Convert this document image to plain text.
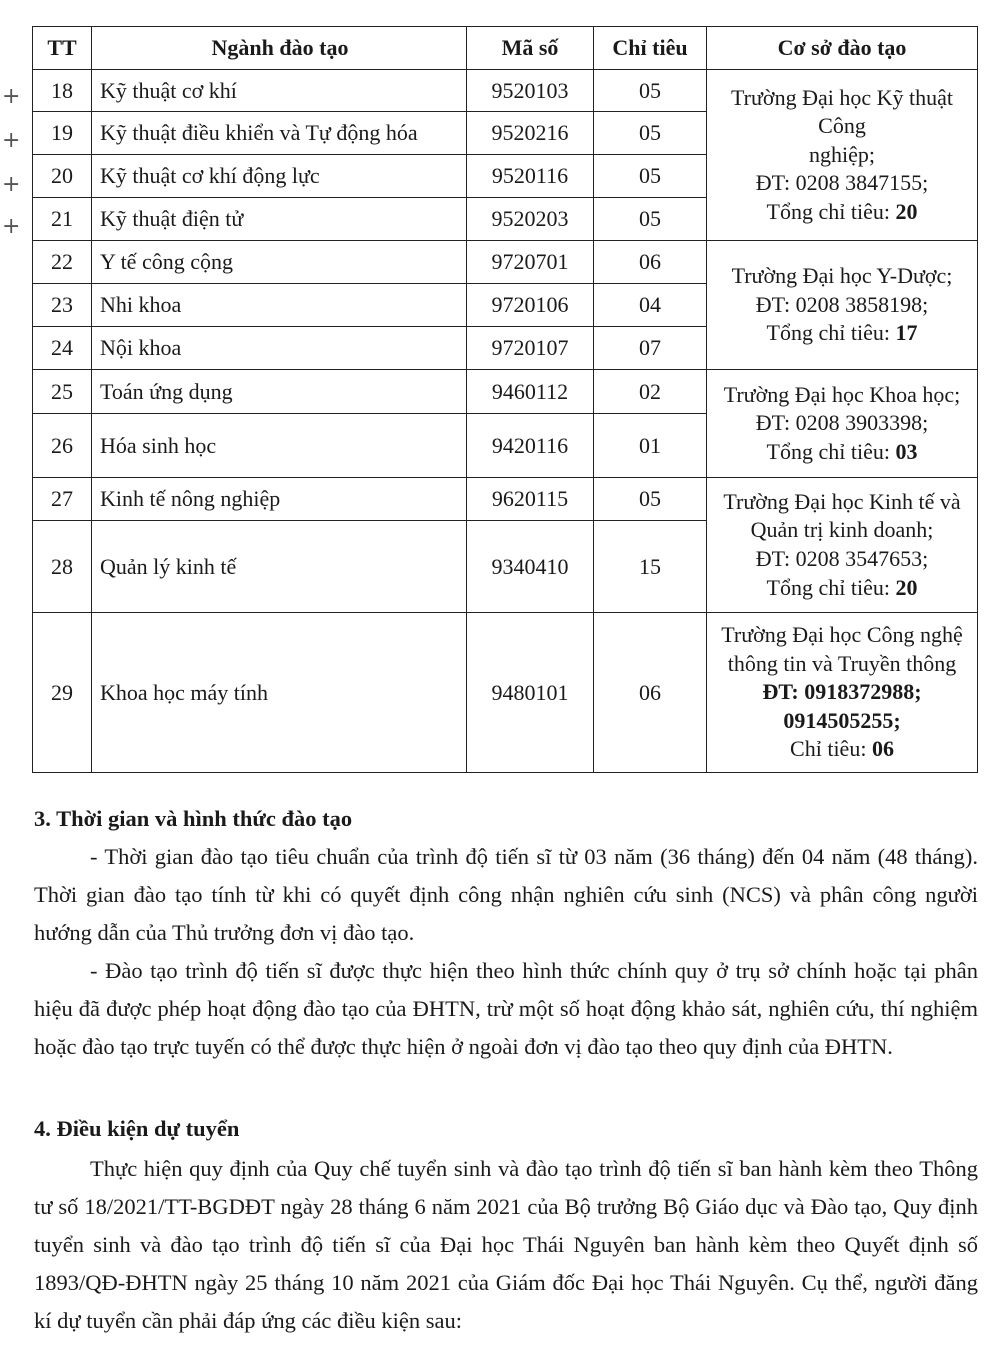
+
+
+
+
TT	Ngành đào tạo	Mã số	Chỉ tiêu	Cơ sở đào tạo
18	Kỹ thuật cơ khí	9520103	05	Trường Đại học Kỹ thuật Công
nghiệp;
ĐT: 0208 3847155;
Tổng chỉ tiêu: 20

19	Kỹ thuật điều khiển và Tự động hóa	9520216	05	
20	Kỹ thuật cơ khí động lực	9520116	05	
21	Kỹ thuật điện tử	9520203	05	
22	Y tế công cộng	9720701	06	Trường Đại học Y-Dược;
ĐT: 0208 3858198;
Tổng chỉ tiêu: 17

23	Nhi khoa	9720106	04	
24	Nội khoa	9720107	07	
25	Toán ứng dụng	9460112	02	Trường Đại học Khoa học;
ĐT: 0208 3903398;
Tổng chỉ tiêu: 03

26	Hóa sinh học	9420116	01	
27	Kinh tế nông nghiệp	9620115	05	Trường Đại học Kinh tế và
Quản trị kinh doanh;
ĐT: 0208 3547653;
Tổng chỉ tiêu: 20

28	Quản lý kinh tế	9340410	15	
29	Khoa học máy tính	9480101	06	Trường Đại học Công nghệ
thông tin và Truyền thông
ĐT: 0918372988;
0914505255;
Chỉ tiêu: 06
3. Thời gian và hình thức đào tạo
- Thời gian đào tạo tiêu chuẩn của trình độ tiến sĩ từ 03 năm (36 tháng) đến 04 năm (48 tháng). Thời gian đào tạo tính từ khi có quyết định công nhận nghiên cứu sinh (NCS) và phân công người hướng dẫn của Thủ trưởng đơn vị đào tạo.
- Đào tạo trình độ tiến sĩ được thực hiện theo hình thức chính quy ở trụ sở chính hoặc tại phân hiệu đã được phép hoạt động đào tạo của ĐHTN, trừ một số hoạt động khảo sát, nghiên cứu, thí nghiệm hoặc đào tạo trực tuyến có thể được thực hiện ở ngoài đơn vị đào tạo theo quy định của ĐHTN.
4. Điều kiện dự tuyển
Thực hiện quy định của Quy chế tuyển sinh và đào tạo trình độ tiến sĩ ban hành kèm theo Thông tư số 18/2021/TT-BGDĐT ngày 28 tháng 6 năm 2021 của Bộ trưởng Bộ Giáo dục và Đào tạo, Quy định tuyển sinh và đào tạo trình độ tiến sĩ của Đại học Thái Nguyên ban hành kèm theo Quyết định số 1893/QĐ-ĐHTN ngày 25 tháng 10 năm 2021 của Giám đốc Đại học Thái Nguyên. Cụ thể, người đăng kí dự tuyển cần phải đáp ứng các điều kiện sau:
